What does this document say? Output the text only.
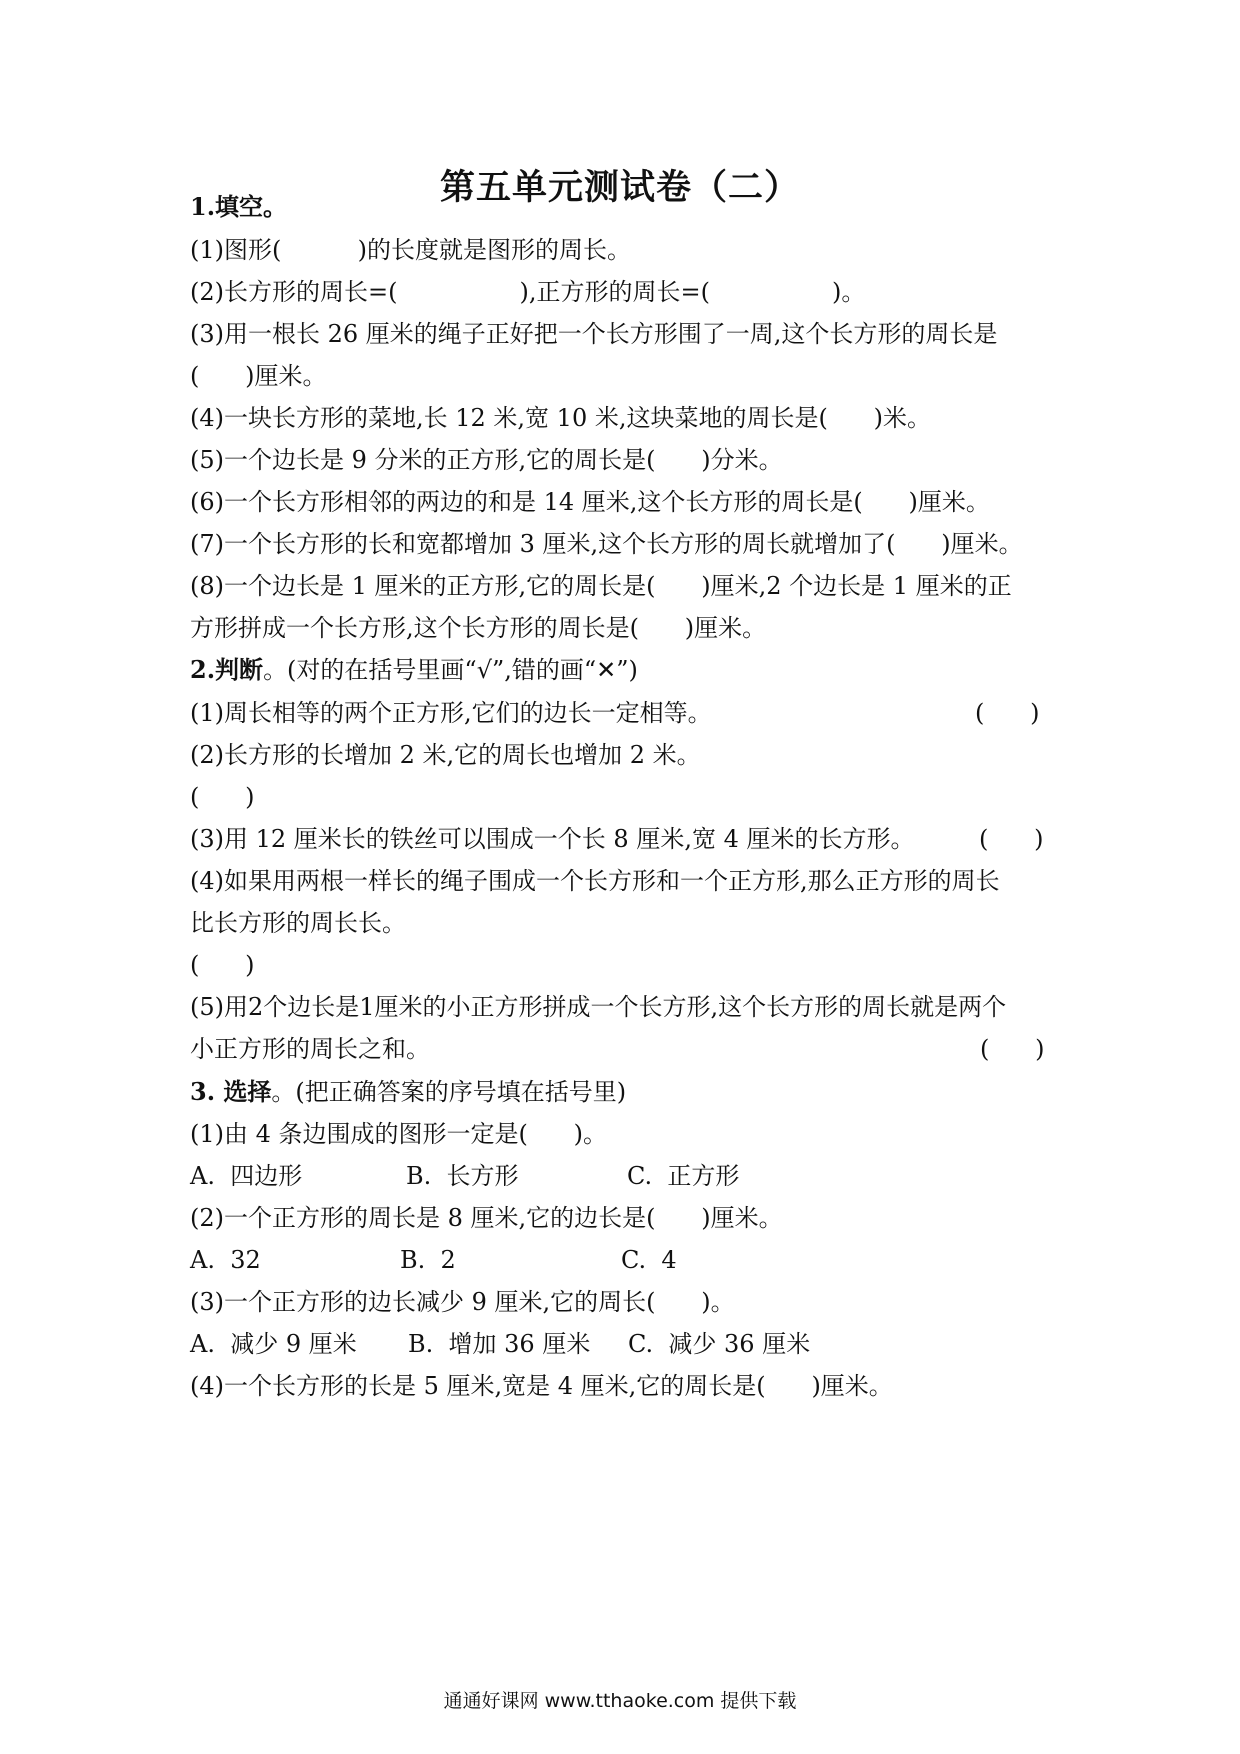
第五单元测试卷（二）
1.填空。
(1)图形(          )的长度就是图形的周长。
(2)长方形的周长=(                ),正方形的周长=(                )。
(3)用一根长 26 厘米的绳子正好把一个长方形围了一周,这个长方形的周长是
(      )厘米。
(4)一块长方形的菜地,长 12 米,宽 10 米,这块菜地的周长是(      )米。
(5)一个边长是 9 分米的正方形,它的周长是(      )分米。
(6)一个长方形相邻的两边的和是 14 厘米,这个长方形的周长是(      )厘米。
(7)一个长方形的长和宽都增加 3 厘米,这个长方形的周长就增加了(      )厘米。
(8)一个边长是 1 厘米的正方形,它的周长是(      )厘米,2 个边长是 1 厘米的正
方形拼成一个长方形,这个长方形的周长是(      )厘米。
2.判断。(对的在括号里画“√”,错的画“✕”)
(1)周长相等的两个正方形,它们的边长一定相等。	(      )
(2)长方形的长增加 2 米,它的周长也增加 2 米。
(      )
(3)用 12 厘米长的铁丝可以围成一个长 8 厘米,宽 4 厘米的长方形。	(      )
(4)如果用两根一样长的绳子围成一个长方形和一个正方形,那么正方形的周长
比长方形的周长长。
(      )
(5)用2个边长是1厘米的小正方形拼成一个长方形,这个长方形的周长就是两个
小正方形的周长之和。	(      )
3. 选择。(把正确答案的序号填在括号里)
(1)由 4 条边围成的图形一定是(      )。
A.  四边形	B.  长方形	C.  正方形
(2)一个正方形的周长是 8 厘米,它的边长是(      )厘米。
A.  32	B.  2	C.  4
(3)一个正方形的边长减少 9 厘米,它的周长(      )。
A.  减少 9 厘米 B.  增加 36 厘米 C.  减少 36 厘米
(4)一个长方形的长是 5 厘米,宽是 4 厘米,它的周长是(      )厘米。
通通好课网 www.tthaoke.com 提供下载
